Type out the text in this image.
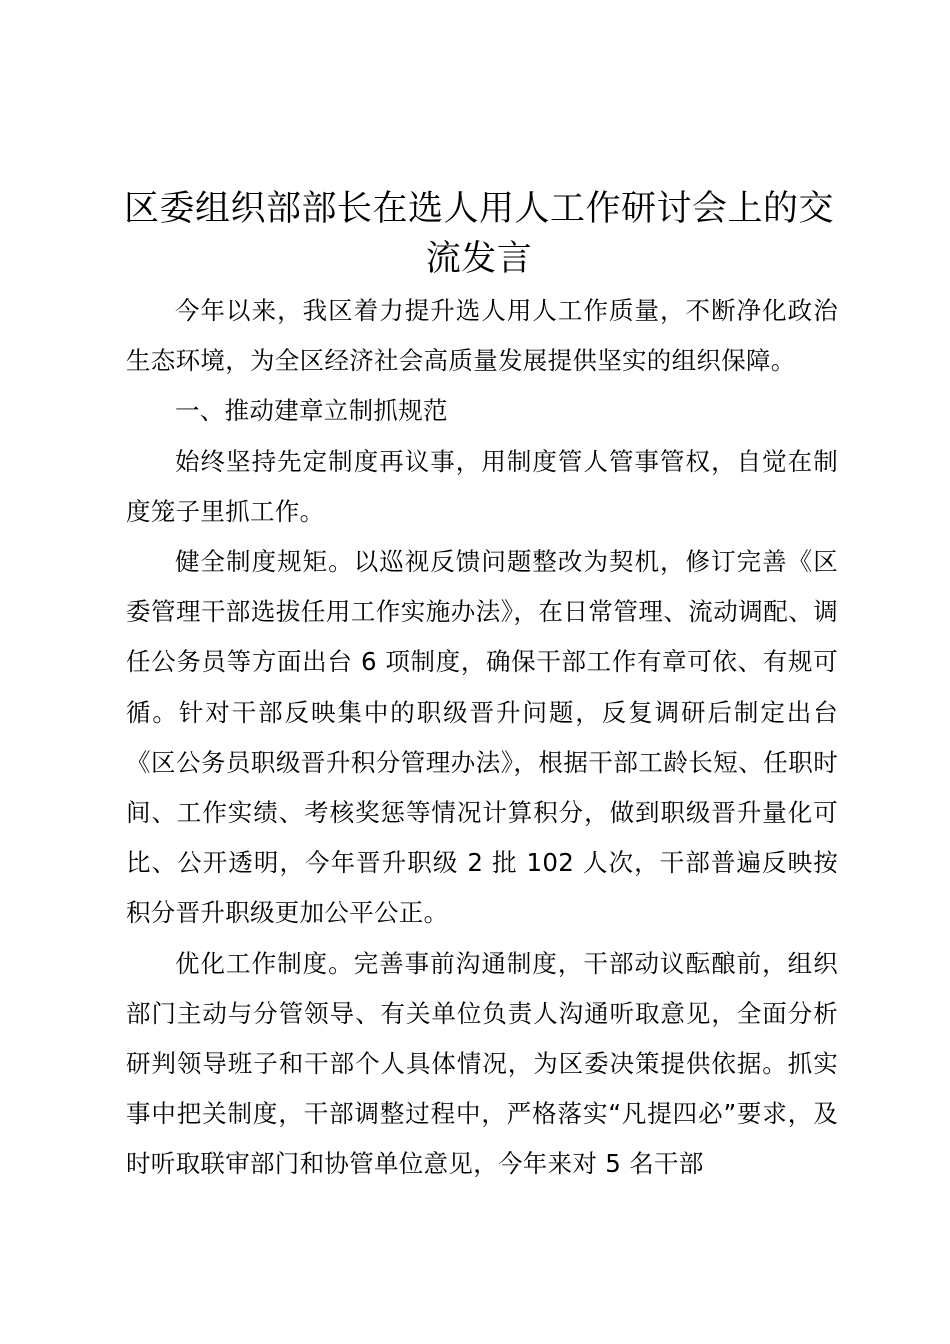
区委组织部部长在选人用人工作研讨会上的交流发言

今年以来，我区着力提升选人用人工作质量，不断净化政治生态环境，为全区经济社会高质量发展提供坚实的组织保障。

一、推动建章立制抓规范

始终坚持先定制度再议事，用制度管人管事管权，自觉在制度笼子里抓工作。

健全制度规矩。以巡视反馈问题整改为契机，修订完善《区委管理干部选拔任用工作实施办法》，在日常管理、流动调配、调任公务员等方面出台 6 项制度，确保干部工作有章可依、有规可循。针对干部反映集中的职级晋升问题，反复调研后制定出台《区公务员职级晋升积分管理办法》，根据干部工龄长短、任职时间、工作实绩、考核奖惩等情况计算积分，做到职级晋升量化可比、公开透明，今年晋升职级 2 批 102 人次，干部普遍反映按积分晋升职级更加公平公正。

优化工作制度。完善事前沟通制度，干部动议酝酿前，组织部门主动与分管领导、有关单位负责人沟通听取意见，全面分析研判领导班子和干部个人具体情况，为区委决策提供依据。抓实事中把关制度，干部调整过程中，严格落实“凡提四必”要求，及时听取联审部门和协管单位意见，今年来对 5 名干部
